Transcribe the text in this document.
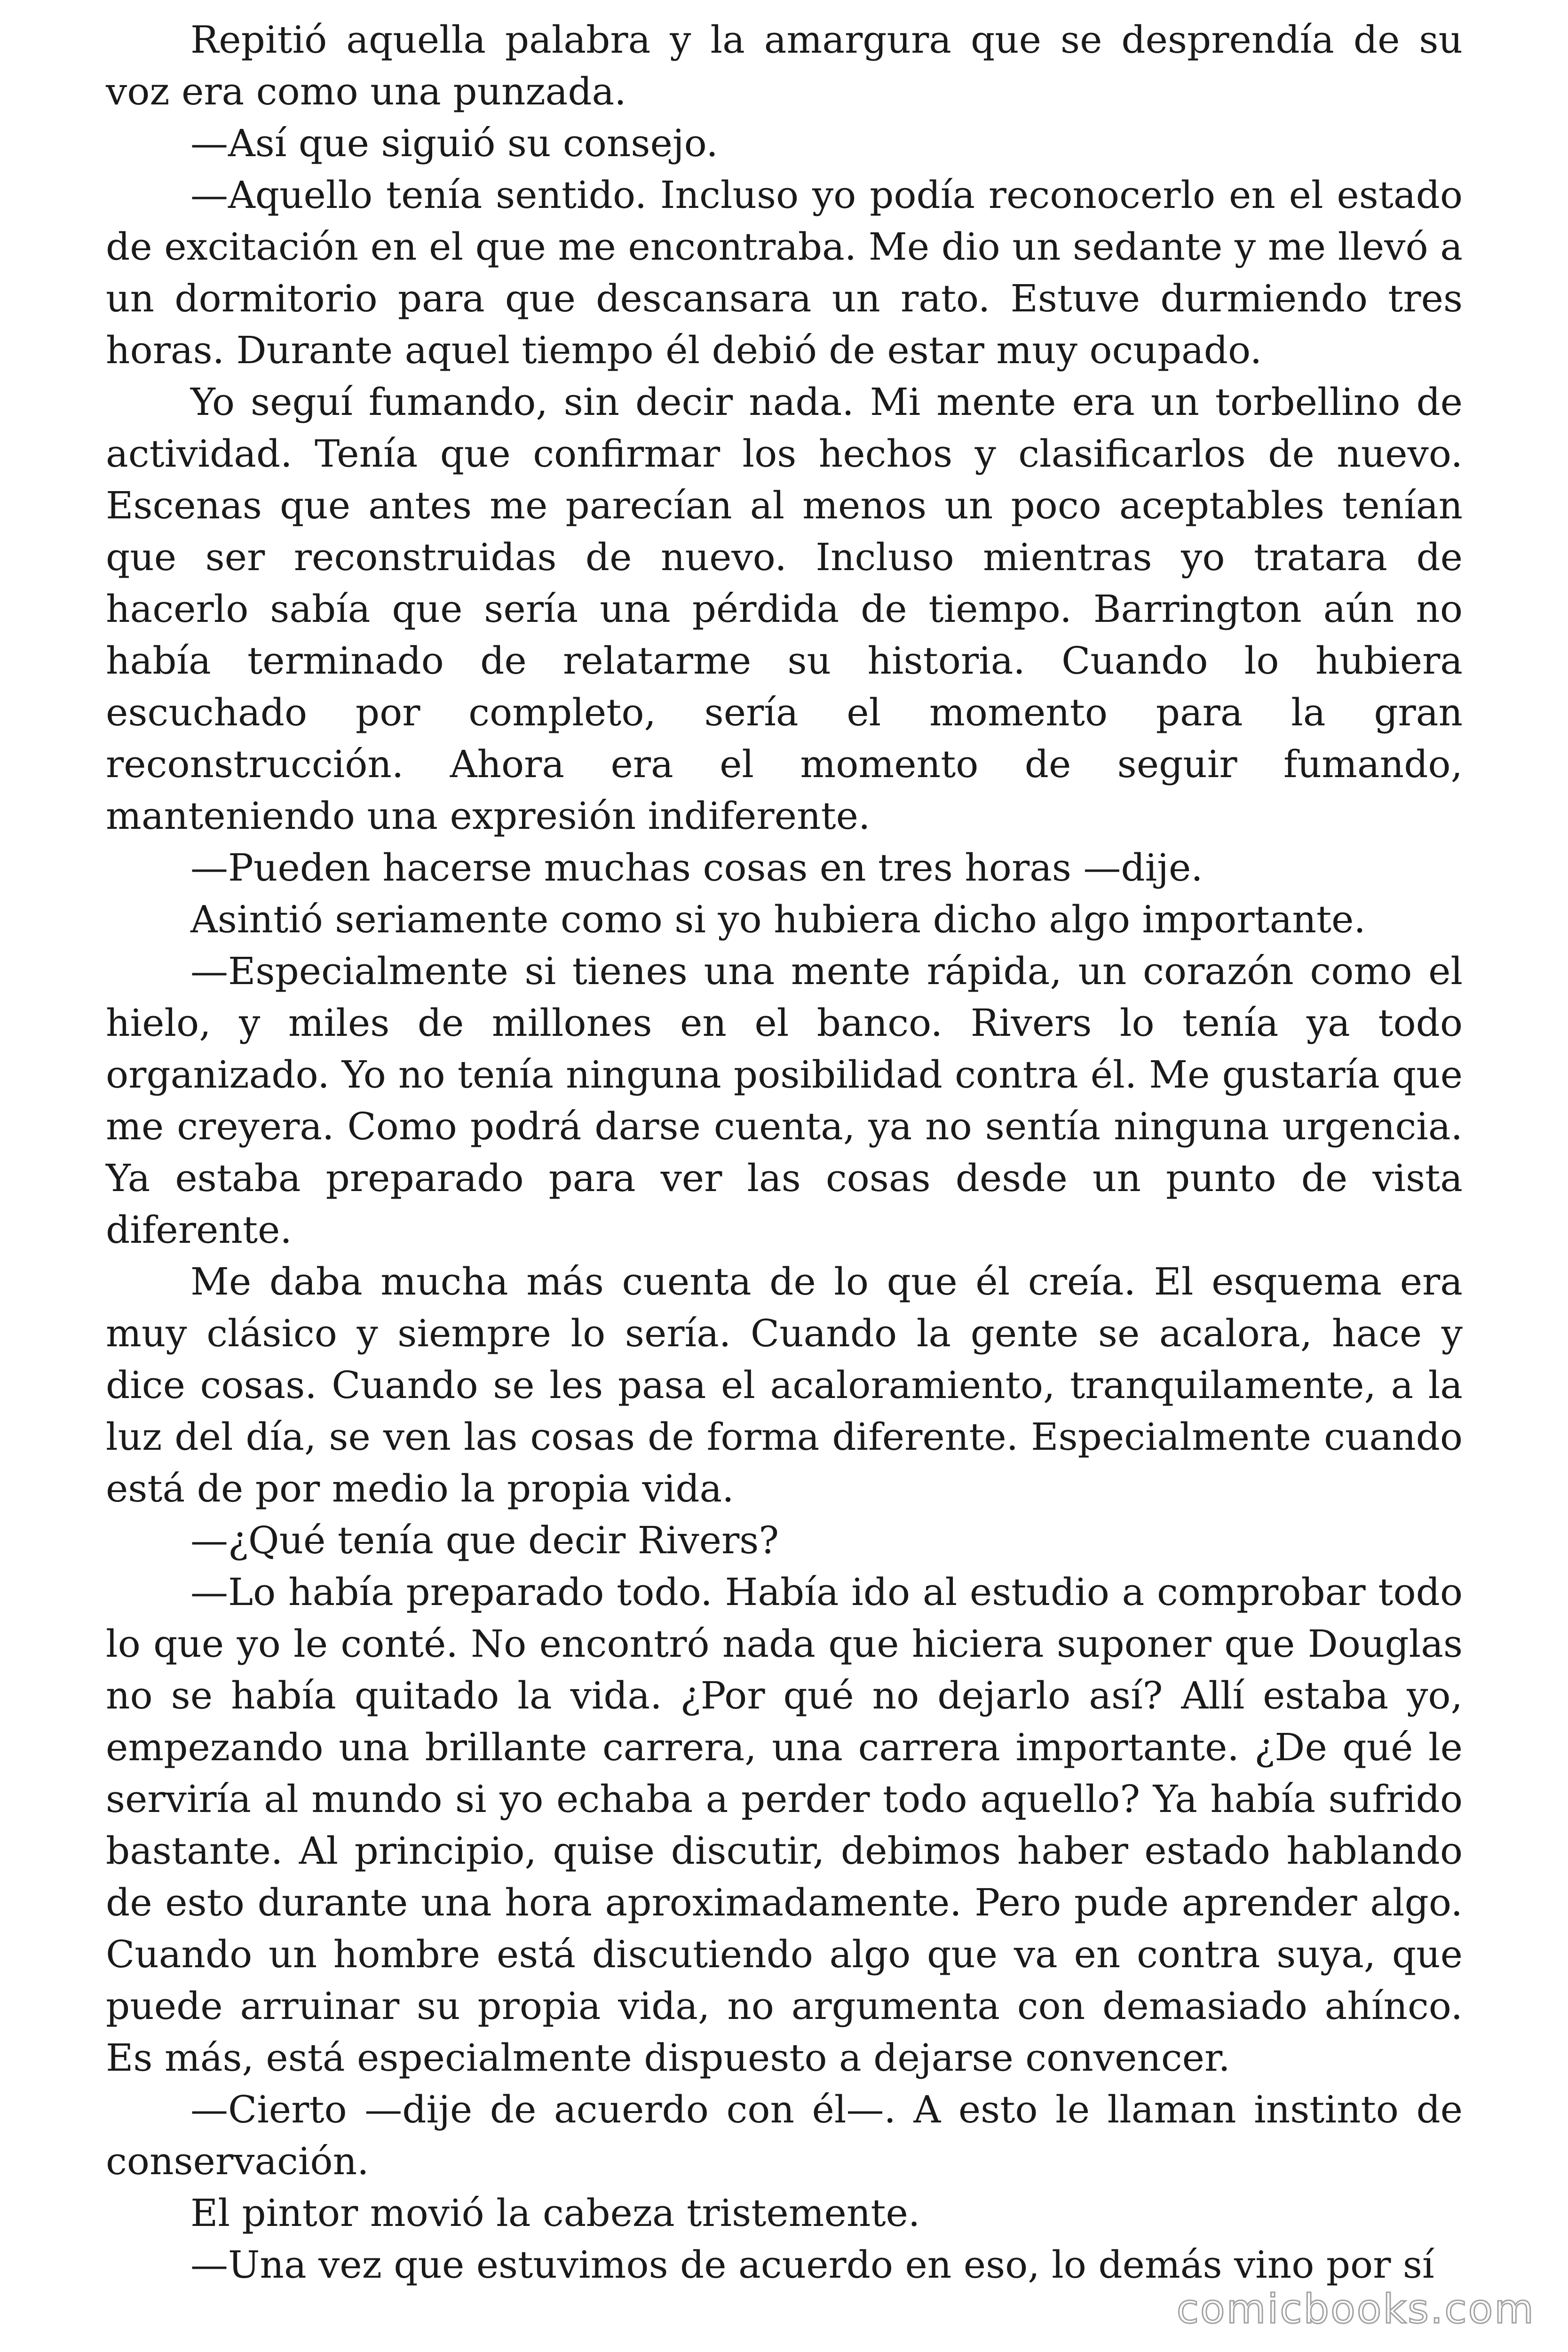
Repitió aquella palabra y la amargura que se desprendía de su voz era como una punzada.

—Así que siguió su consejo.

—Aquello tenía sentido. Incluso yo podía reconocerlo en el estado de excitación en el que me encontraba. Me dio un sedante y me llevó a un dormitorio para que descansara un rato. Estuve durmiendo tres horas. Durante aquel tiempo él debió de estar muy ocupado.

Yo seguí fumando, sin decir nada. Mi mente era un torbellino de actividad. Tenía que confirmar los hechos y clasificarlos de nuevo. Escenas que antes me parecían al menos un poco aceptables tenían que ser reconstruidas de nuevo. Incluso mientras yo tratara de hacerlo sabía que sería una pérdida de tiempo. Barrington aún no había terminado de relatarme su historia. Cuando lo hubiera escuchado por completo, sería el momento para la gran reconstrucción. Ahora era el momento de seguir fumando, manteniendo una expresión indiferente.

—Pueden hacerse muchas cosas en tres horas —dije.

Asintió seriamente como si yo hubiera dicho algo importante.

—Especialmente si tienes una mente rápida, un corazón como el hielo, y miles de millones en el banco. Rivers lo tenía ya todo organizado. Yo no tenía ninguna posibilidad contra él. Me gustaría que me creyera. Como podrá darse cuenta, ya no sentía ninguna urgencia. Ya estaba preparado para ver las cosas desde un punto de vista diferente.

Me daba mucha más cuenta de lo que él creía. El esquema era muy clásico y siempre lo sería. Cuando la gente se acalora, hace y dice cosas. Cuando se les pasa el acaloramiento, tranquilamente, a la luz del día, se ven las cosas de forma diferente. Especialmente cuando está de por medio la propia vida.

—¿Qué tenía que decir Rivers?

—Lo había preparado todo. Había ido al estudio a comprobar todo lo que yo le conté. No encontró nada que hiciera suponer que Douglas no se había quitado la vida. ¿Por qué no dejarlo así? Allí estaba yo, empezando una brillante carrera, una carrera importante. ¿De qué le serviría al mundo si yo echaba a perder todo aquello? Ya había sufrido bastante. Al principio, quise discutir, debimos haber estado hablando de esto durante una hora aproximadamente. Pero pude aprender algo. Cuando un hombre está discutiendo algo que va en contra suya, que puede arruinar su propia vida, no argumenta con demasiado ahínco. Es más, está especialmente dispuesto a dejarse convencer.

—Cierto —dije de acuerdo con él—. A esto le llaman instinto de conservación.

El pintor movió la cabeza tristemente.

—Una vez que estuvimos de acuerdo en eso, lo demás vino por sí

comicbooks.com
